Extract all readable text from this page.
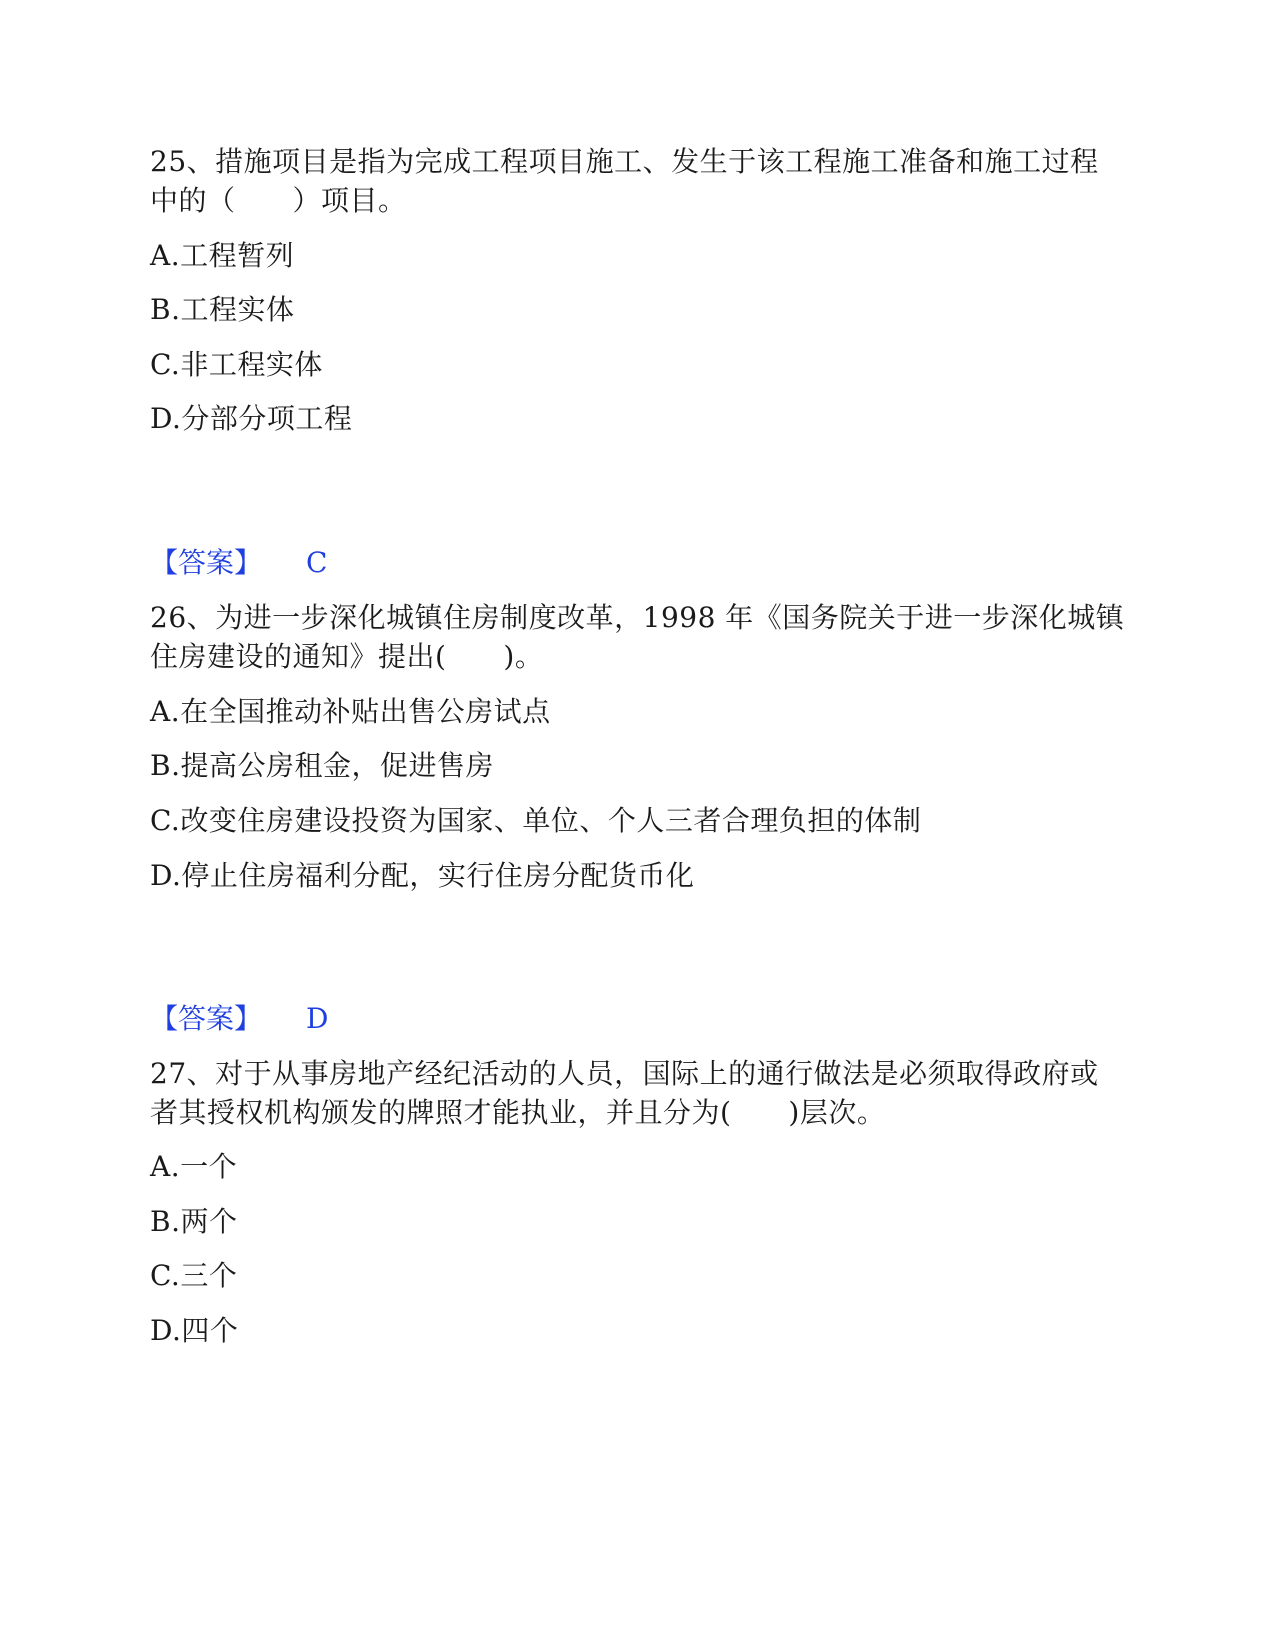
25、措施项目是指为完成工程项目施工、发生于该工程施工准备和施工过程
中的（　　）项目。
A.工程暂列
B.工程实体
C.非工程实体
D.分部分项工程
【答案】 C
26、为进一步深化城镇住房制度改革，1998 年《国务院关于进一步深化城镇
住房建设的通知》提出(　　)。
A.在全国推动补贴出售公房试点
B.提高公房租金，促进售房
C.改变住房建设投资为国家、单位、个人三者合理负担的体制
D.停止住房福利分配，实行住房分配货币化
【答案】 D
27、对于从事房地产经纪活动的人员，国际上的通行做法是必须取得政府或
者其授权机构颁发的牌照才能执业，并且分为(　　)层次。
A.一个
B.两个
C.三个
D.四个
